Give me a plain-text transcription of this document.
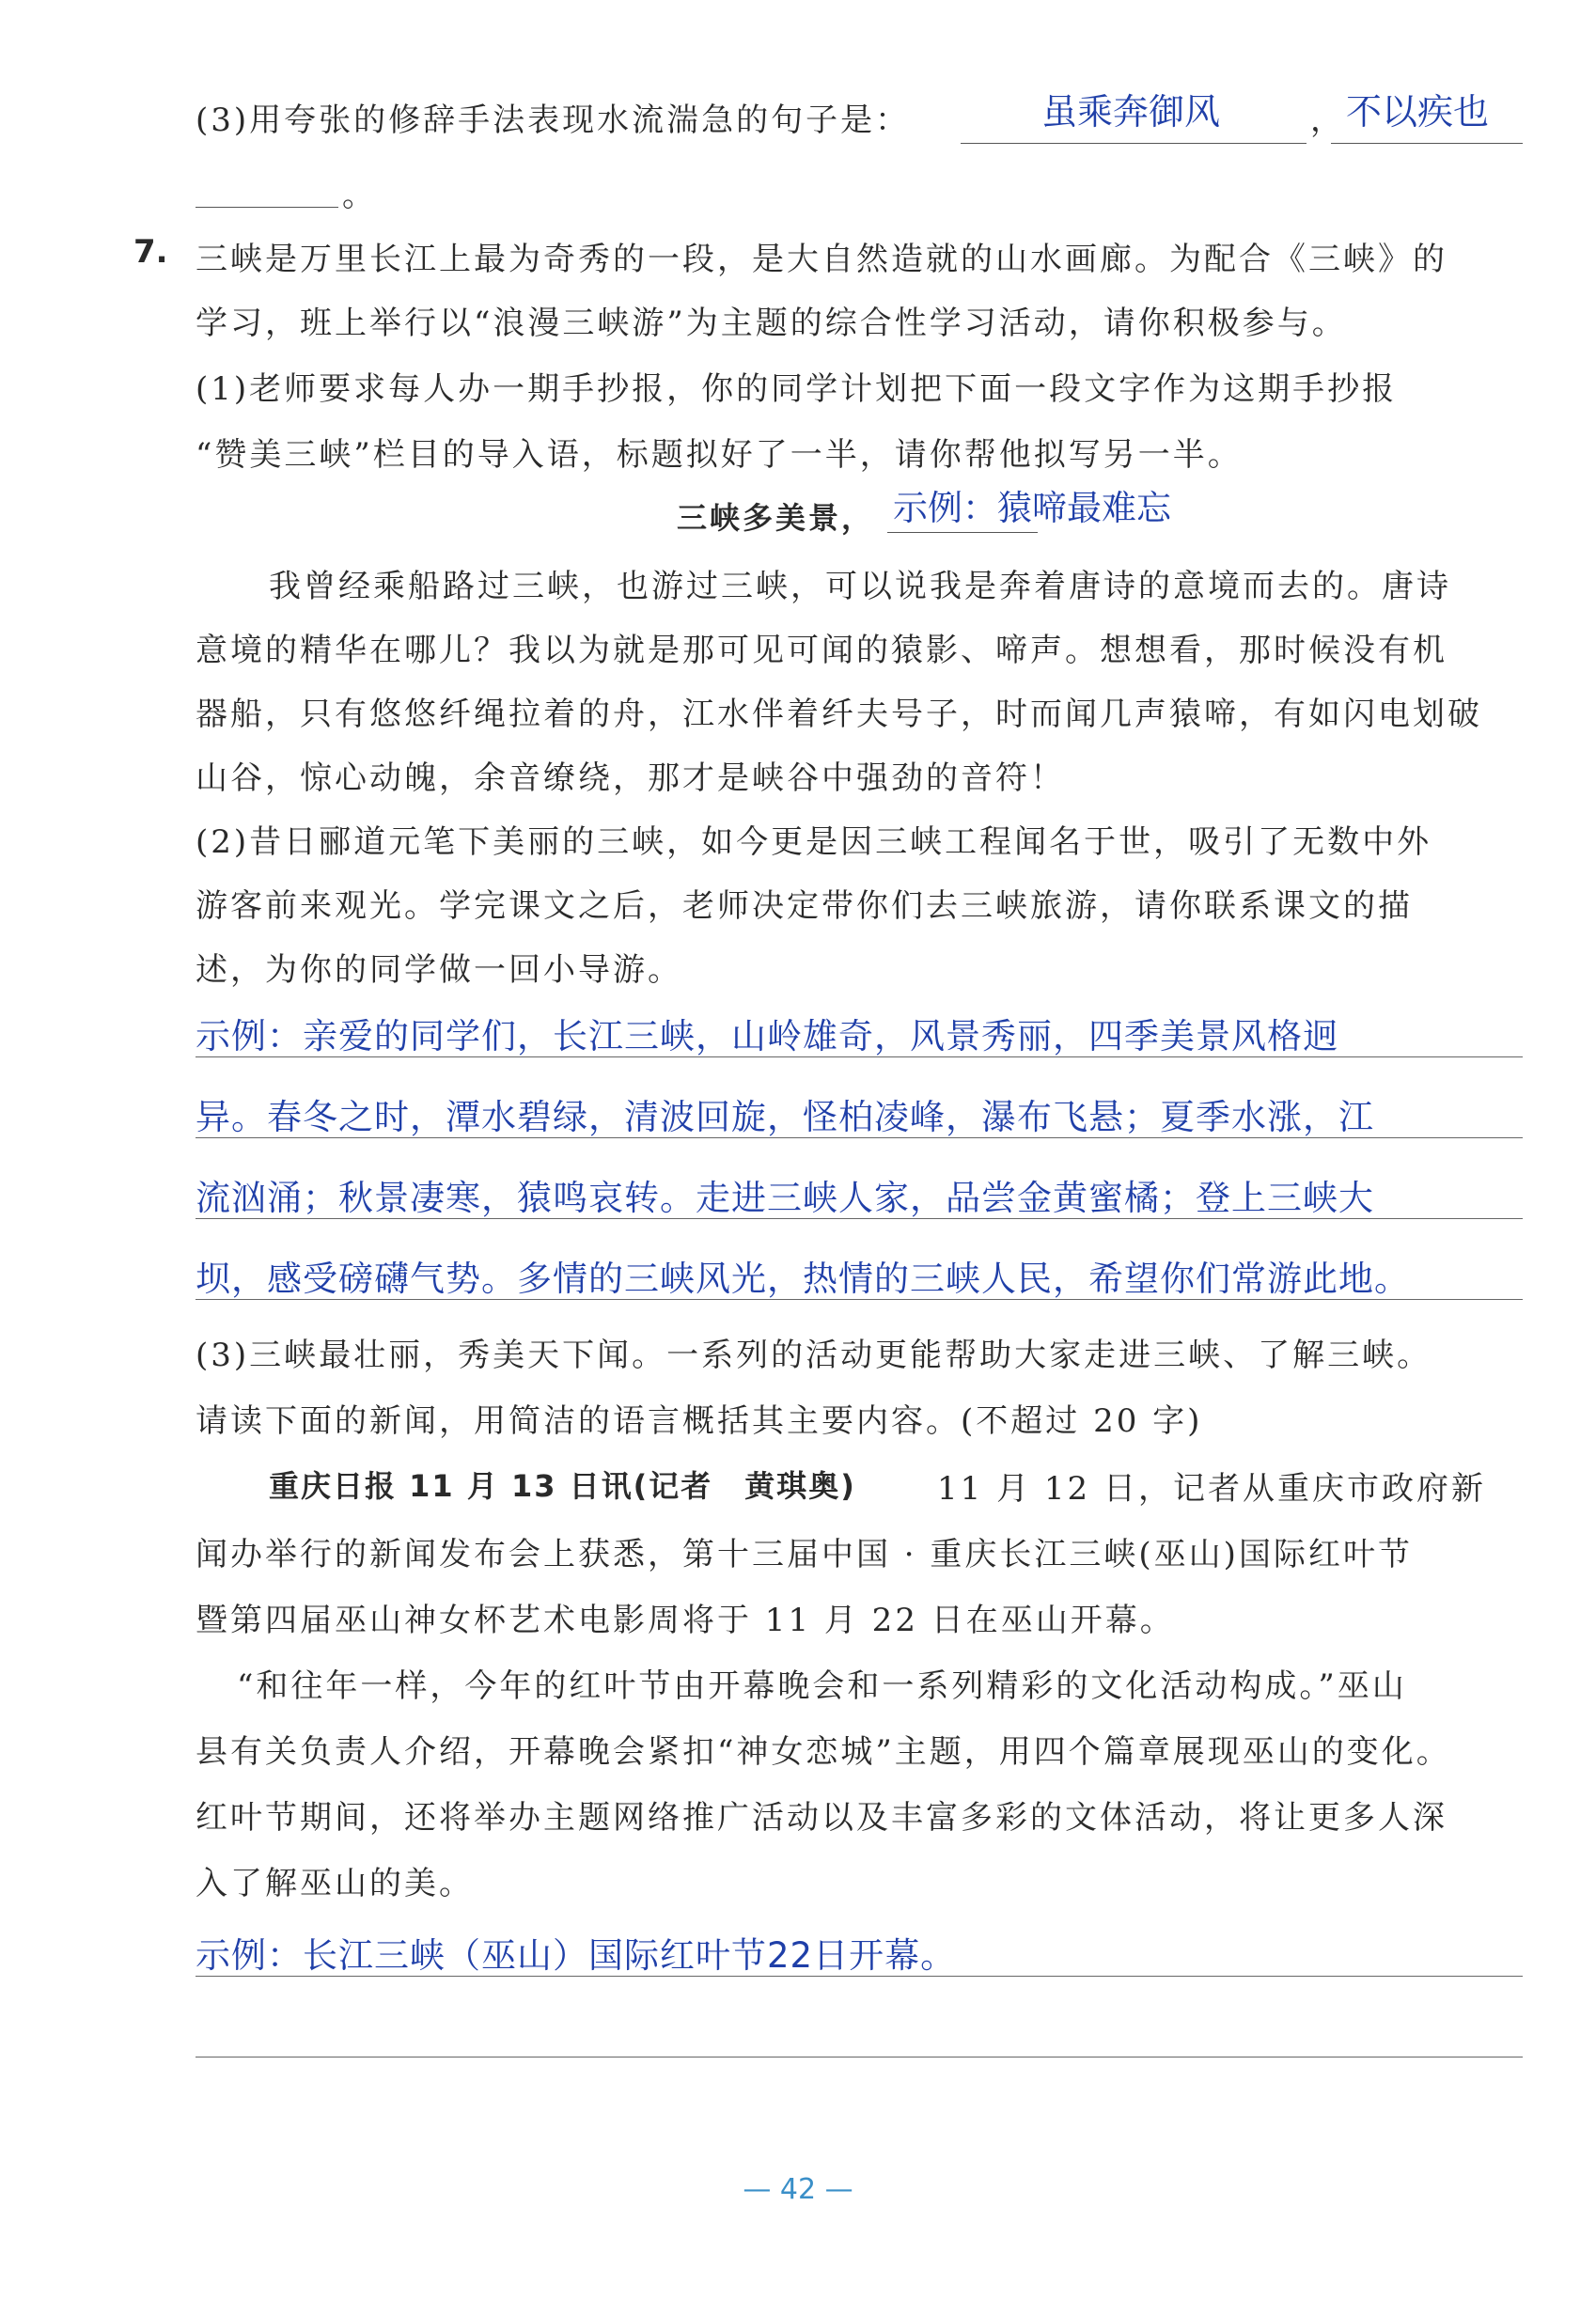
(3)用夸张的修辞手法表现水流湍急的句子是：	虽乘奔御风	， 不以疾也
。
7. 三峡是万里长江上最为奇秀的一段，是大自然造就的山水画廊。为配合《三峡》的
学习，班上举行以“浪漫三峡游”为主题的综合性学习活动，请你积极参与。
(1)老师要求每人办一期手抄报，你的同学计划把下面一段文字作为这期手抄报
“赞美三峡”栏目的导入语，标题拟好了一半，请你帮他拟写另一半。
三峡多美景， 示例：猿啼最难忘
我曾经乘船路过三峡，也游过三峡，可以说我是奔着唐诗的意境而去的。唐诗
意境的精华在哪儿？我以为就是那可见可闻的猿影、啼声。想想看，那时候没有机
器船，只有悠悠纤绳拉着的舟，江水伴着纤夫号子，时而闻几声猿啼，有如闪电划破
山谷，惊心动魄，余音缭绕，那才是峡谷中强劲的音符！
(2)昔日郦道元笔下美丽的三峡，如今更是因三峡工程闻名于世，吸引了无数中外
游客前来观光。学完课文之后，老师决定带你们去三峡旅游，请你联系课文的描
述，为你的同学做一回小导游。
示例：亲爱的同学们，长江三峡，山岭雄奇，风景秀丽，四季美景风格迥
异。春冬之时，潭水碧绿，清波回旋，怪柏凌峰，瀑布飞悬；夏季水涨，江
流汹涌；秋景凄寒，猿鸣哀转。走进三峡人家，品尝金黄蜜橘；登上三峡大
坝，感受磅礴气势。多情的三峡风光，热情的三峡人民，希望你们常游此地。
(3)三峡最壮丽，秀美天下闻。一系列的活动更能帮助大家走进三峡、了解三峡。
请读下面的新闻，用简洁的语言概括其主要内容。(不超过 20 字)
重庆日报 11 月 13 日讯(记者　黄琪奥) 　11 月 12 日，记者从重庆市政府新
闻办举行的新闻发布会上获悉，第十三届中国 · 重庆长江三峡(巫山)国际红叶节
暨第四届巫山神女杯艺术电影周将于 11 月 22 日在巫山开幕。
“和往年一样，今年的红叶节由开幕晚会和一系列精彩的文化活动构成。”巫山
县有关负责人介绍，开幕晚会紧扣“神女恋城”主题，用四个篇章展现巫山的变化。
红叶节期间，还将举办主题网络推广活动以及丰富多彩的文体活动，将让更多人深
入了解巫山的美。
示例：长江三峡（巫山）国际红叶节22日开幕。
— 42 —
